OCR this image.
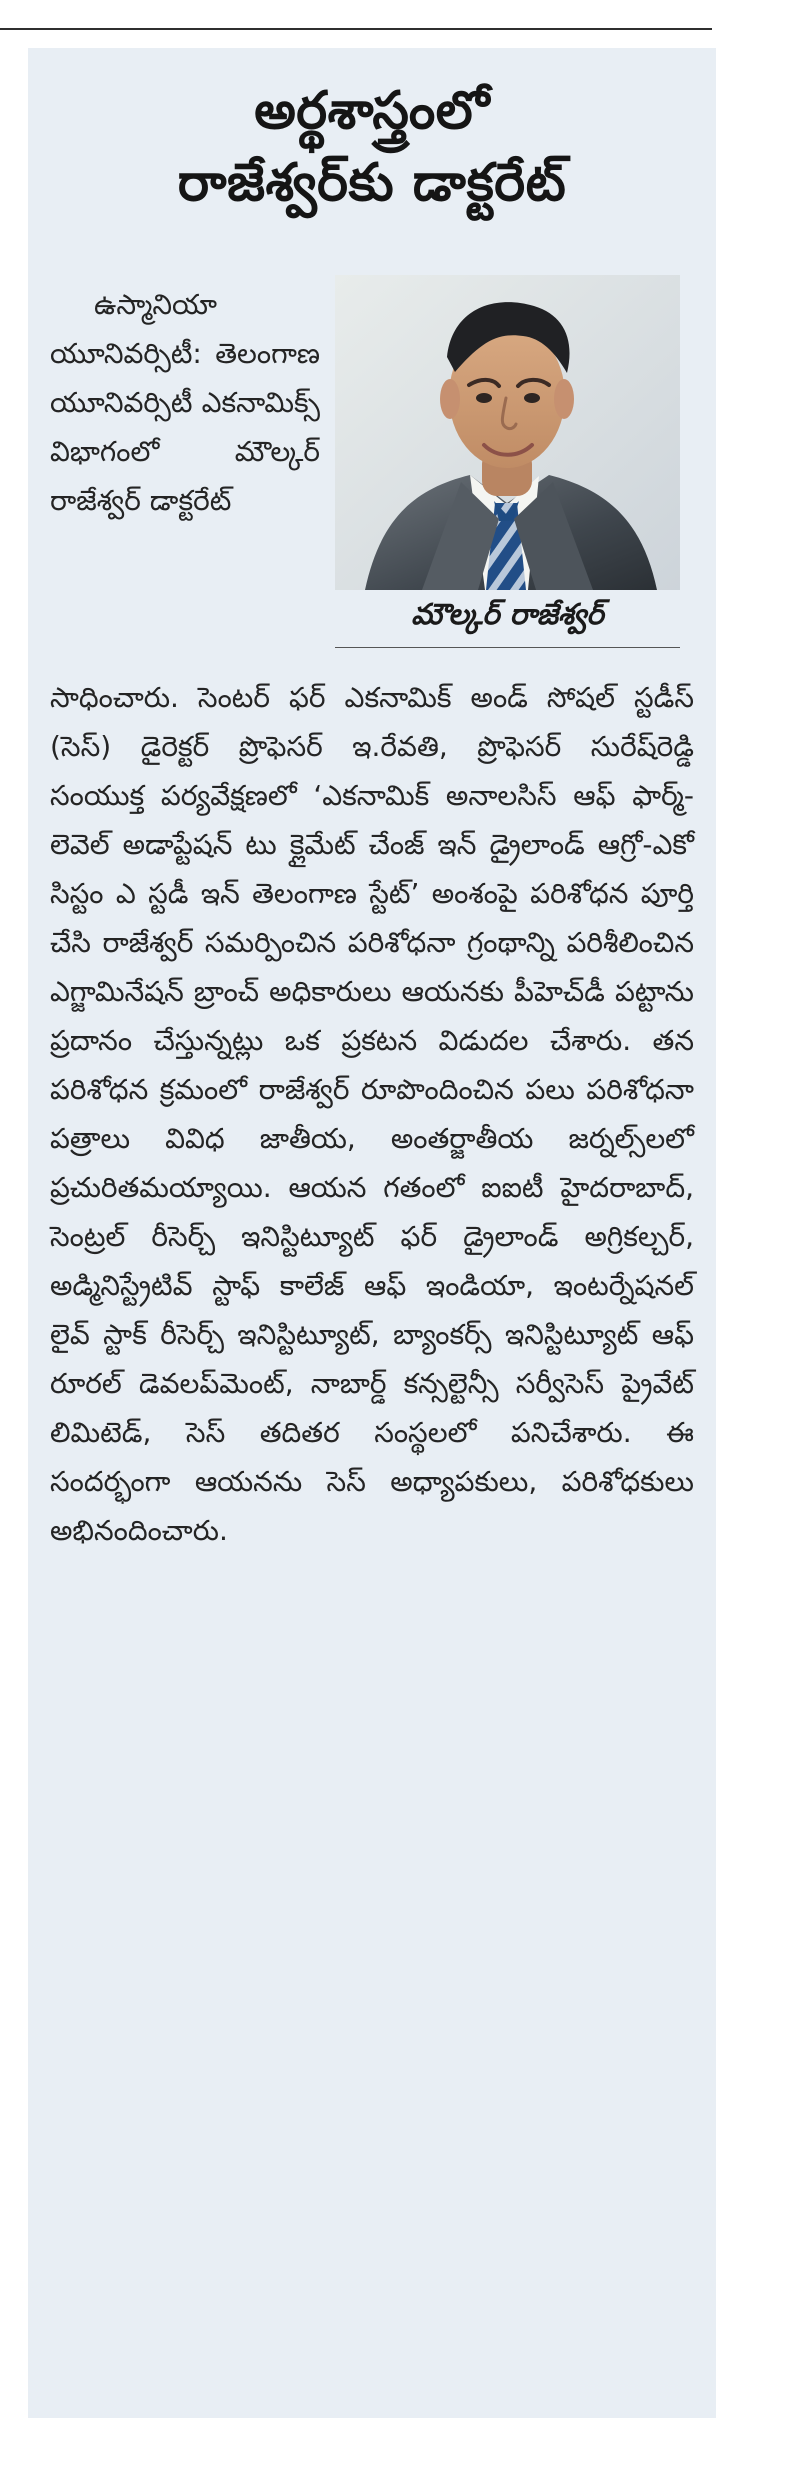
అర్థశాస్త్రంలో
రాజేశ్వర్‌కు డాక్టరేట్
మౌల్కర్ రాజేశ్వర్

ఉస్మానియా యూనివర్సిటీ: తెలంగాణ యూనివర్సిటీ ఎకనామిక్స్ విభాగంలో మౌల్కర్ రాజేశ్వర్ డాక్టరేట్

సాధించారు. సెంటర్ ఫర్ ఎకనామిక్ అండ్ సోషల్ స్టడీస్ (సెస్) డైరెక్టర్ ప్రొఫెసర్ ఇ.రేవతి, ప్రొఫెసర్ సురేష్‌రెడ్డి సంయుక్త పర్యవేక్షణలో ‘ఎకనామిక్ అనాలసిస్ ఆఫ్ ఫార్మ్-లెవెల్ అడాప్టేషన్ టు క్లైమేట్ చేంజ్ ఇన్ డ్రైలాండ్ ఆగ్రో-ఎకో సిస్టం ఎ స్టడీ ఇన్ తెలంగాణ స్టేట్’ అంశంపై పరిశోధన పూర్తి చేసి రాజేశ్వర్ సమర్పించిన పరిశోధనా గ్రంథాన్ని పరిశీలించిన ఎగ్జామినేషన్ బ్రాంచ్ అధికారులు ఆయనకు పీహెచ్‌డీ పట్టాను ప్రదానం చేస్తున్నట్లు ఒక ప్రకటన విడుదల చేశారు. తన పరిశోధన క్రమంలో రాజేశ్వర్ రూపొందించిన పలు పరిశోధనా పత్రాలు వివిధ జాతీయ, అంతర్జాతీయ జర్నల్స్‌లలో ప్రచురితమయ్యాయి. ఆయన గతంలో ఐఐటీ హైదరాబాద్, సెంట్రల్ రీసెర్చ్ ఇనిస్టిట్యూట్ ఫర్ డ్రైలాండ్ అగ్రికల్చర్, అడ్మినిస్ట్రేటివ్ స్టాఫ్ కాలేజ్ ఆఫ్ ఇండియా, ఇంటర్నేషనల్ లైవ్ స్టాక్ రీసెర్చ్ ఇనిస్టిట్యూట్, బ్యాంకర్స్ ఇనిస్టిట్యూట్ ఆఫ్ రూరల్ డెవలప్‌మెంట్, నాబార్డ్ కన్సల్టెన్సీ సర్వీసెస్ ప్రైవేట్ లిమిటెడ్, సెస్ తదితర సంస్థలలో పనిచేశారు. ఈ సందర్భంగా ఆయనను సెస్ అధ్యాపకులు, పరిశోధకులు అభినందించారు.
